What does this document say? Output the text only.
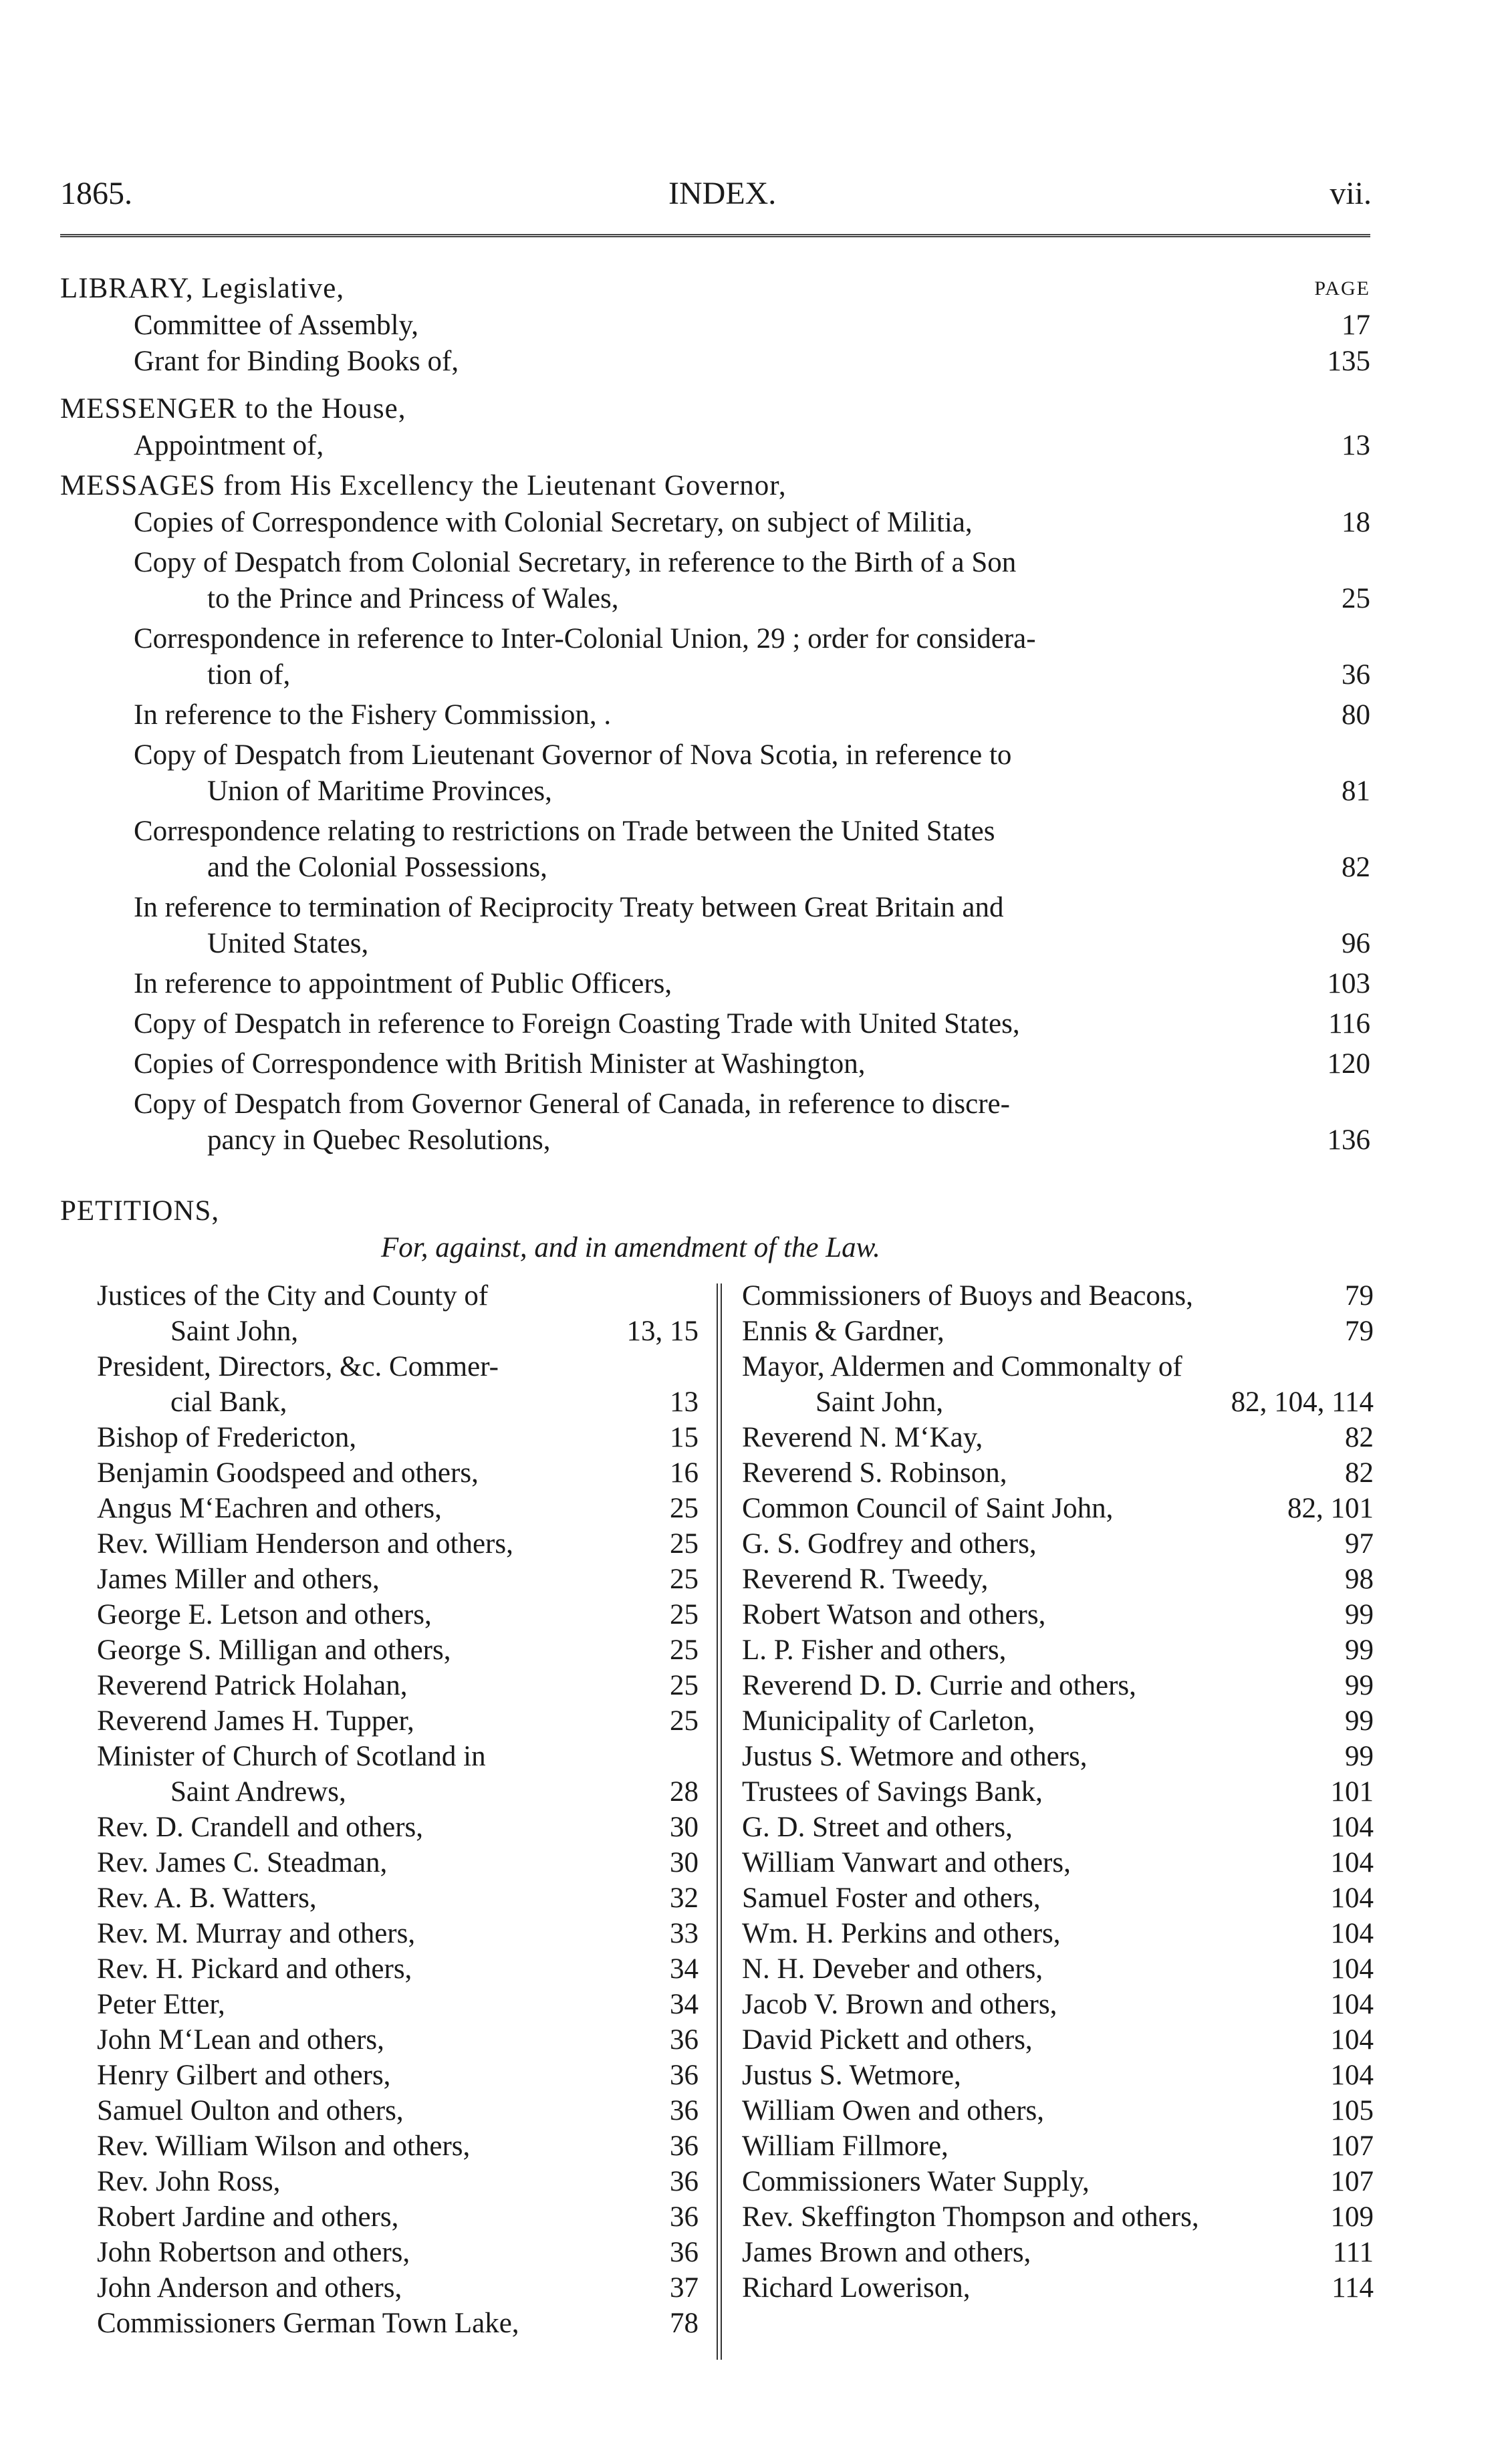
1865.	INDEX.	vii.
LIBRARY, Legislative,	PAGE
Committee of Assembly,	17
Grant for Binding Books of,	135
MESSENGER to the House,
Appointment of,	13
MESSAGES from His Excellency the Lieutenant Governor,
Copies of Correspondence with Colonial Secretary, on subject of Militia,	18
Copy of Despatch from Colonial Secretary, in reference to the Birth of a Son
to the Prince and Princess of Wales,	25
Correspondence in reference to Inter-Colonial Union, 29 ; order for considera-
tion of,	36
In reference to the Fishery Commission, .	80
Copy of Despatch from Lieutenant Governor of Nova Scotia, in reference to
Union of Maritime Provinces,	81
Correspondence relating to restrictions on Trade between the United States
and the Colonial Possessions,	82
In reference to termination of Reciprocity Treaty between Great Britain and
United States,	96
In reference to appointment of Public Officers,	103
Copy of Despatch in reference to Foreign Coasting Trade with United States,	116
Copies of Correspondence with British Minister at Washington,	120
Copy of Despatch from Governor General of Canada, in reference to discre-
pancy in Quebec Resolutions,	136
PETITIONS,
For, against, and in amendment of the Law.
Justices of the City and County of
Saint John,	13, 15
President, Directors, &c. Commer-
cial Bank,	13
Bishop of Fredericton,	15
Benjamin Goodspeed and others,	16
Angus M‘Eachren and others,	25
Rev. William Henderson and others,	25
James Miller and others,	25
George E. Letson and others,	25
George S. Milligan and others,	25
Reverend Patrick Holahan,	25
Reverend James H. Tupper,	25
Minister of Church of Scotland in
Saint Andrews,	28
Rev. D. Crandell and others,	30
Rev. James C. Steadman,	30
Rev. A. B. Watters,	32
Rev. M. Murray and others,	33
Rev. H. Pickard and others,	34
Peter Etter,	34
John M‘Lean and others,	36
Henry Gilbert and others,	36
Samuel Oulton and others,	36
Rev. William Wilson and others,	36
Rev. John Ross,	36
Robert Jardine and others,	36
John Robertson and others,	36
John Anderson and others,	37
Commissioners German Town Lake,	78
Commissioners of Buoys and Beacons,	79
Ennis & Gardner,	79
Mayor, Aldermen and Commonalty of
Saint John,	82, 104, 114
Reverend N. M‘Kay,	82
Reverend S. Robinson,	82
Common Council of Saint John,	82, 101
G. S. Godfrey and others,	97
Reverend R. Tweedy,	98
Robert Watson and others,	99
L. P. Fisher and others,	99
Reverend D. D. Currie and others,	99
Municipality of Carleton,	99
Justus S. Wetmore and others,	99
Trustees of Savings Bank,	101
G. D. Street and others,	104
William Vanwart and others,	104
Samuel Foster and others,	104
Wm. H. Perkins and others,	104
N. H. Deveber and others,	104
Jacob V. Brown and others,	104
David Pickett and others,	104
Justus S. Wetmore,	104
William Owen and others,	105
William Fillmore,	107
Commissioners Water Supply,	107
Rev. Skeffington Thompson and others,	109
James Brown and others,	111
Richard Lowerison,	114
